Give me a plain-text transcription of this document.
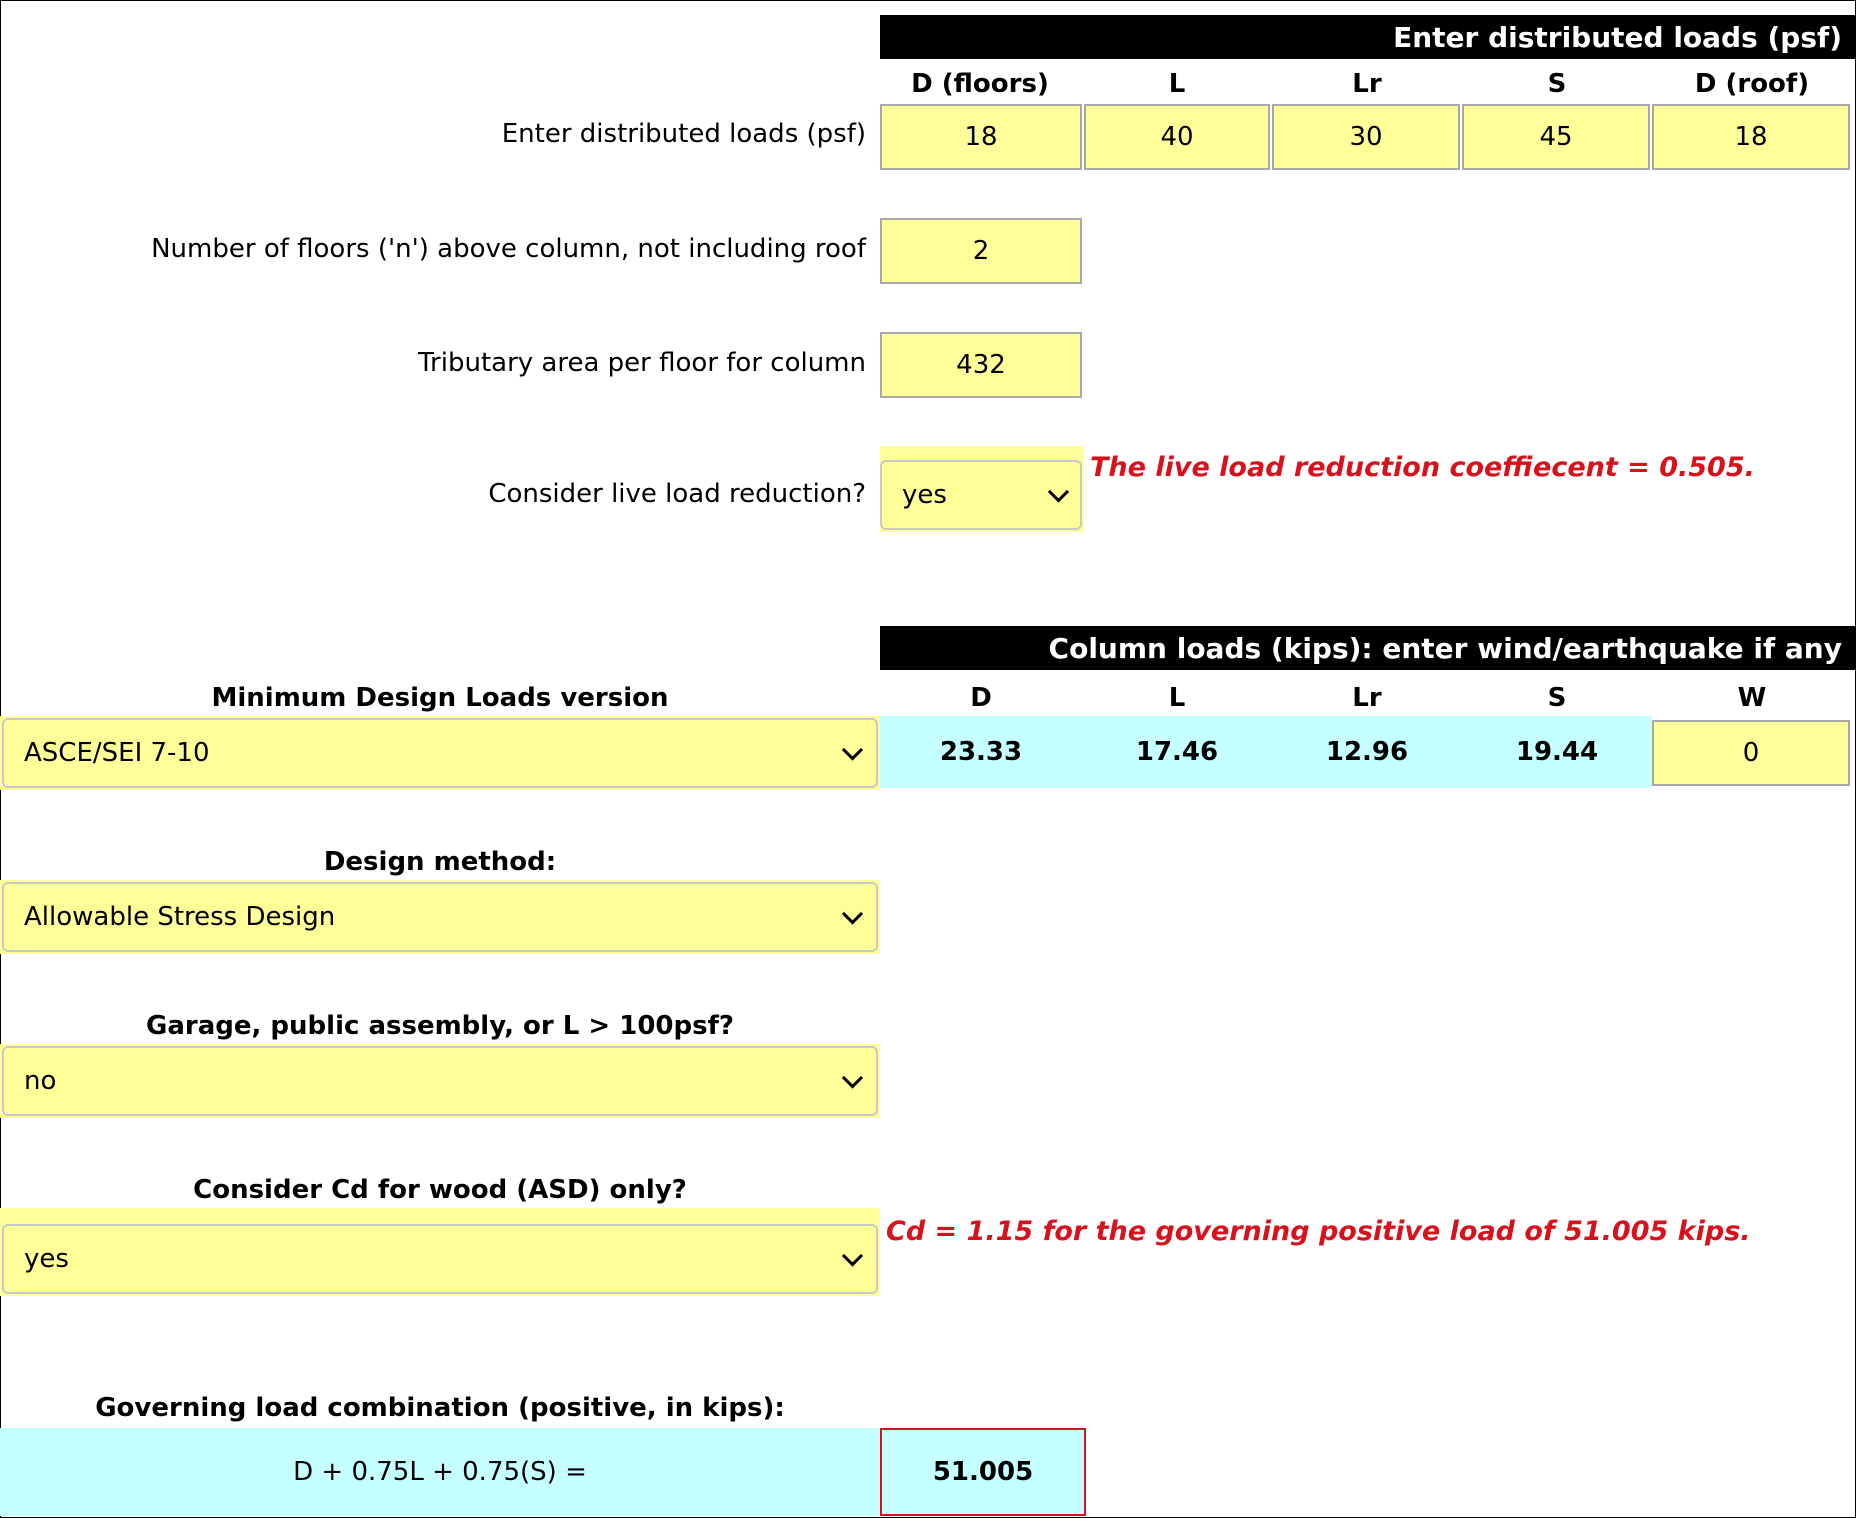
Enter distributed loads (psf)
D (floors)	L	Lr	S	D (roof)
Enter distributed loads (psf)	18	40	30	45	18
Number of floors ('n') above column, not including roof	2
Tributary area per floor for column	432
Consider live load reduction?	yes
The live load reduction coeffiecent = 0.505.
Column loads (kips): enter wind/earthquake if any
Minimum Design Loads version	D	L	Lr	S	W
ASCE/SEI 7-10	23.33	17.46	12.96	19.44	0
Design method:
Allowable Stress Design
Garage, public assembly, or L > 100psf?
no
Consider Cd for wood (ASD) only?
yes
Cd = 1.15 for the governing positive load of 51.005 kips.
Governing load combination (positive, in kips):
D + 0.75L + 0.75(S) =	51.005
